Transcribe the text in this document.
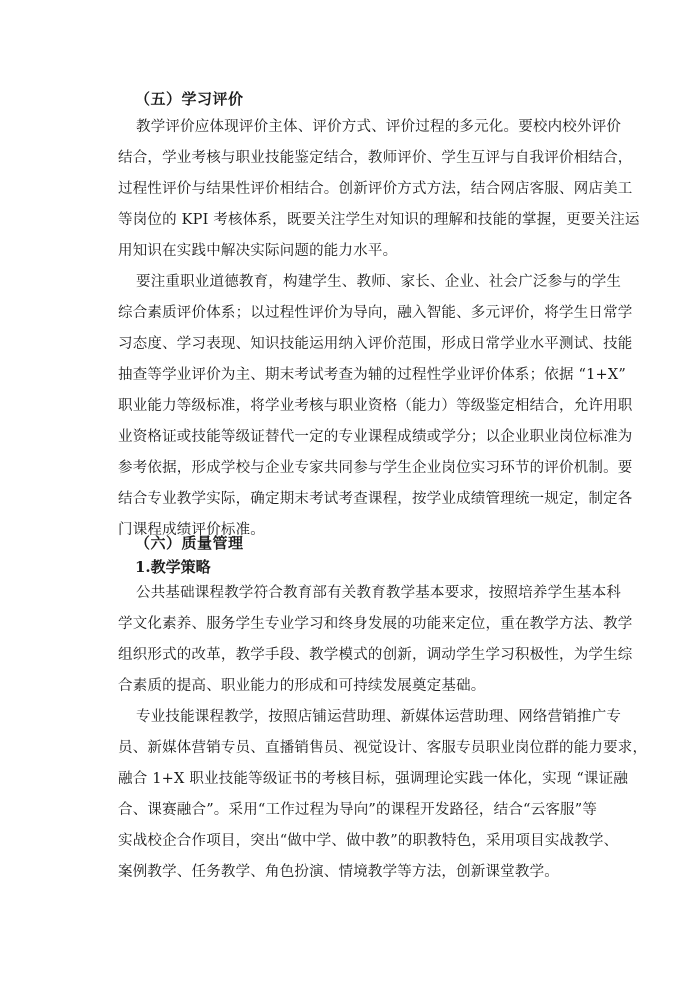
（五）学习评价
教学评价应体现评价主体、评价方式、评价过程的多元化。要校内校外评价
结合，学业考核与职业技能鉴定结合，教师评价、学生互评与自我评价相结合，
过程性评价与结果性评价相结合。创新评价方式方法，结合网店客服、网店美工
等岗位的 KPI 考核体系，既要关注学生对知识的理解和技能的掌握，更要关注运
用知识在实践中解决实际问题的能力水平。
要注重职业道德教育，构建学生、教师、家长、企业、社会广泛参与的学生
综合素质评价体系；以过程性评价为导向，融入智能、多元评价，将学生日常学
习态度、学习表现、知识技能运用纳入评价范围，形成日常学业水平测试、技能
抽查等学业评价为主、期末考试考查为辅的过程性学业评价体系；依据 “1+X”
职业能力等级标准，将学业考核与职业资格（能力）等级鉴定相结合，允许用职
业资格证或技能等级证替代一定的专业课程成绩或学分；以企业职业岗位标准为
参考依据，形成学校与企业专家共同参与学生企业岗位实习环节的评价机制。要
结合专业教学实际，确定期末考试考查课程，按学业成绩管理统一规定，制定各
门课程成绩评价标准。
（六）质量管理
1.教学策略
公共基础课程教学符合教育部有关教育教学基本要求，按照培养学生基本科
学文化素养、服务学生专业学习和终身发展的功能来定位，重在教学方法、教学
组织形式的改革，教学手段、教学模式的创新，调动学生学习积极性，为学生综
合素质的提高、职业能力的形成和可持续发展奠定基础。
专业技能课程教学，按照店铺运营助理、新媒体运营助理、网络营销推广专
员、新媒体营销专员、直播销售员、视觉设计、客服专员职业岗位群的能力要求，
融合 1+X 职业技能等级证书的考核目标，强调理论实践一体化，实现 “课证融
合、课赛融合”。采用“工作过程为导向”的课程开发路径，结合“云客服”等
实战校企合作项目，突出“做中学、做中教”的职教特色，采用项目实战教学、
案例教学、任务教学、角色扮演、情境教学等方法，创新课堂教学。
